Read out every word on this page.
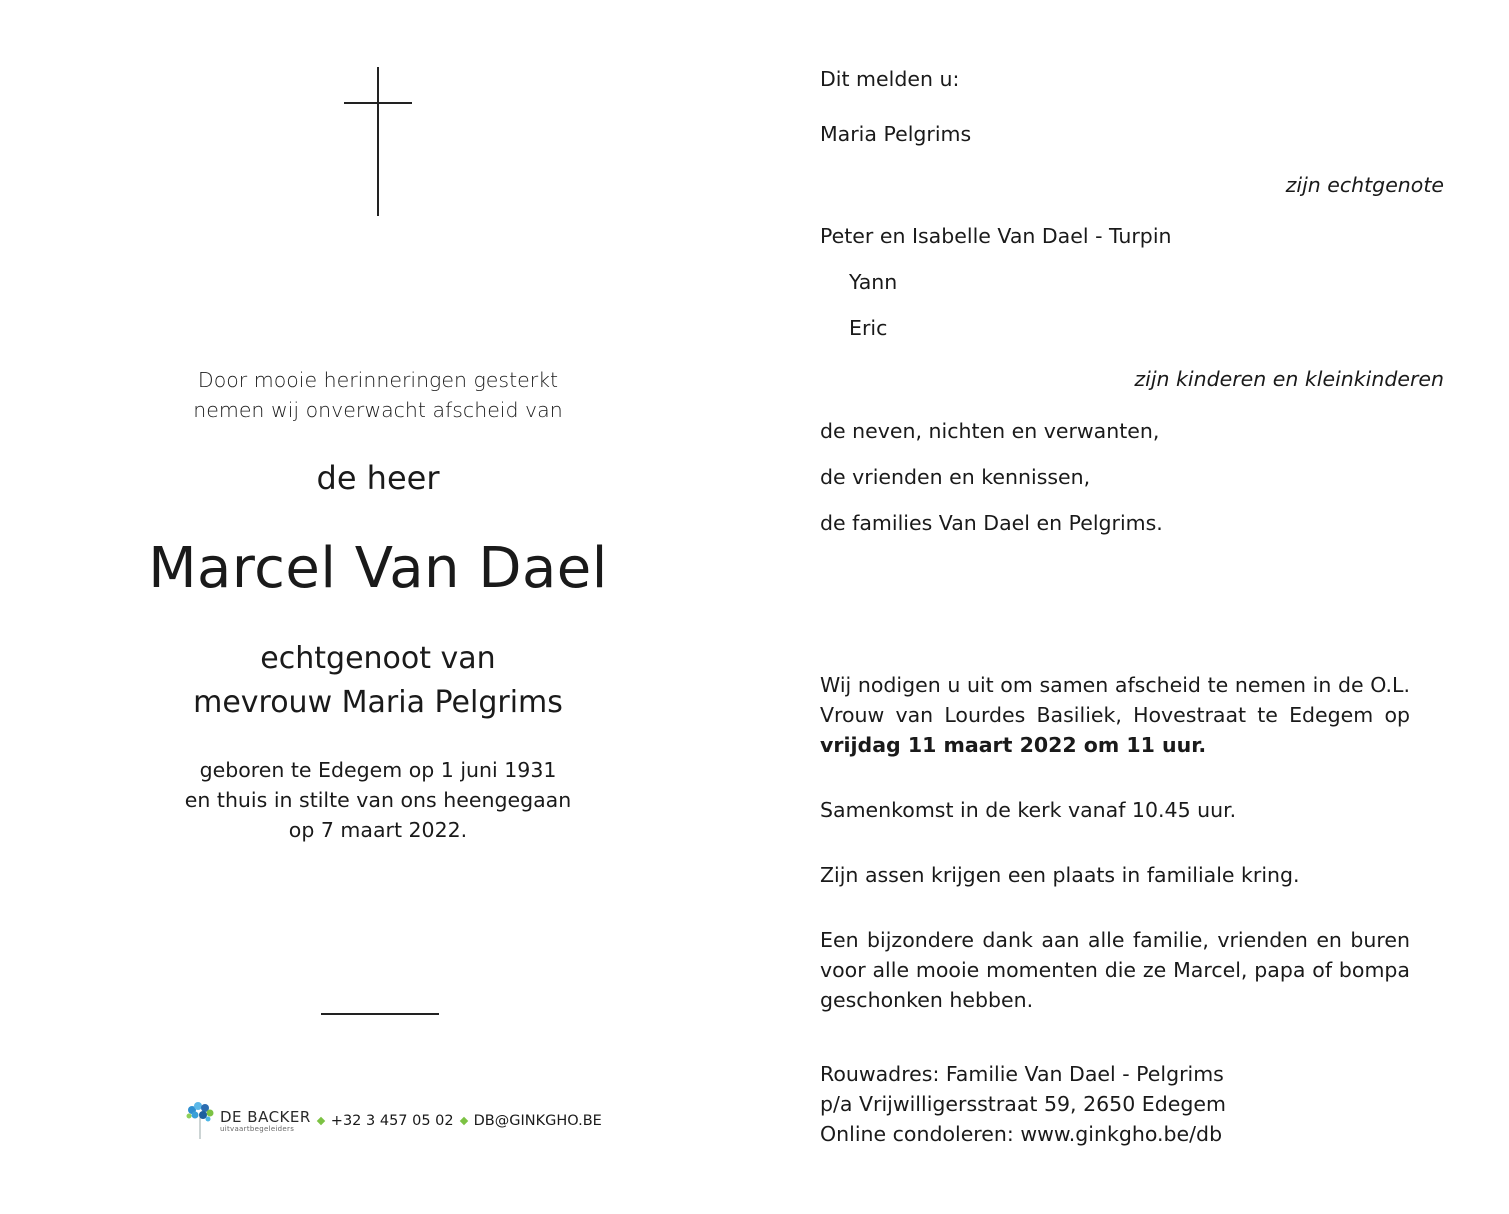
Door mooie herinneringen gesterkt
nemen wij onverwacht afscheid van
de heer
Marcel Van Dael
echtgenoot van
mevrouw Maria Pelgrims
geboren te Edegem op 1 juni 1931
en thuis in stilte van ons heengegaan
op 7 maart 2022.
DE BACKER
uitvaartbegeleiders	+32 3 457 05 02 DB@GINKGHO.BE
Dit melden u:
Maria Pelgrims
zijn echtgenote
Peter en Isabelle Van Dael - Turpin
Yann
Eric
zijn kinderen en kleinkinderen
de neven, nichten en verwanten,
de vrienden en kennissen,
de families Van Dael en Pelgrims.
Wij nodigen u uit om samen afscheid te nemen in de O.L. Vrouw van Lourdes Basiliek, Hovestraat te Edegem op vrijdag 11 maart 2022 om 11 uur.
Samenkomst in de kerk vanaf 10.45 uur.
Zijn assen krijgen een plaats in familiale kring.
Een bijzondere dank aan alle familie, vrienden en buren voor alle mooie momenten die ze Marcel, papa of bompa geschonken hebben.
Rouwadres: Familie Van Dael - Pelgrims
p/a Vrijwilligersstraat 59, 2650 Edegem
Online condoleren: www.ginkgho.be/db
